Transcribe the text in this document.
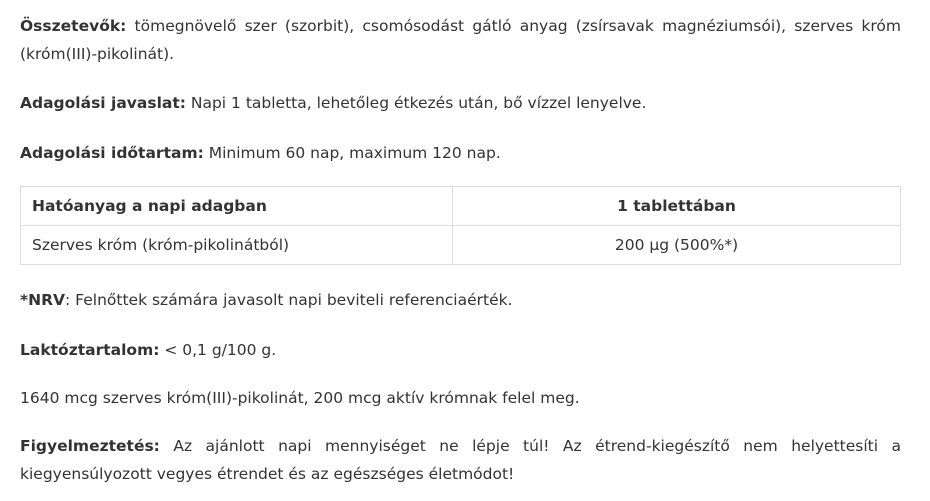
Összetevők: tömegnövelő szer (szorbit), csomósodást gátló anyag (zsírsavak magnéziumsói), szerves króm (króm(III)-pikolinát).

Adagolási javaslat: Napi 1 tabletta, lehetőleg étkezés után, bő vízzel lenyelve.

Adagolási időtartam: Minimum 60 nap, maximum 120 nap.

Hatóanyag a napi adagban	1 tablettában
Szerves króm (króm-pikolinátból)	200 µg (500%*)

*NRV: Felnőttek számára javasolt napi beviteli referenciaérték.

Laktóztartalom: < 0,1 g/100 g.

1640 mcg szerves króm(III)-pikolinát, 200 mcg aktív krómnak felel meg.

Figyelmeztetés: Az ajánlott napi mennyiséget ne lépje túl! Az étrend-kiegészítő nem helyettesíti a kiegyensúlyozott vegyes étrendet és az egészséges életmódot!
